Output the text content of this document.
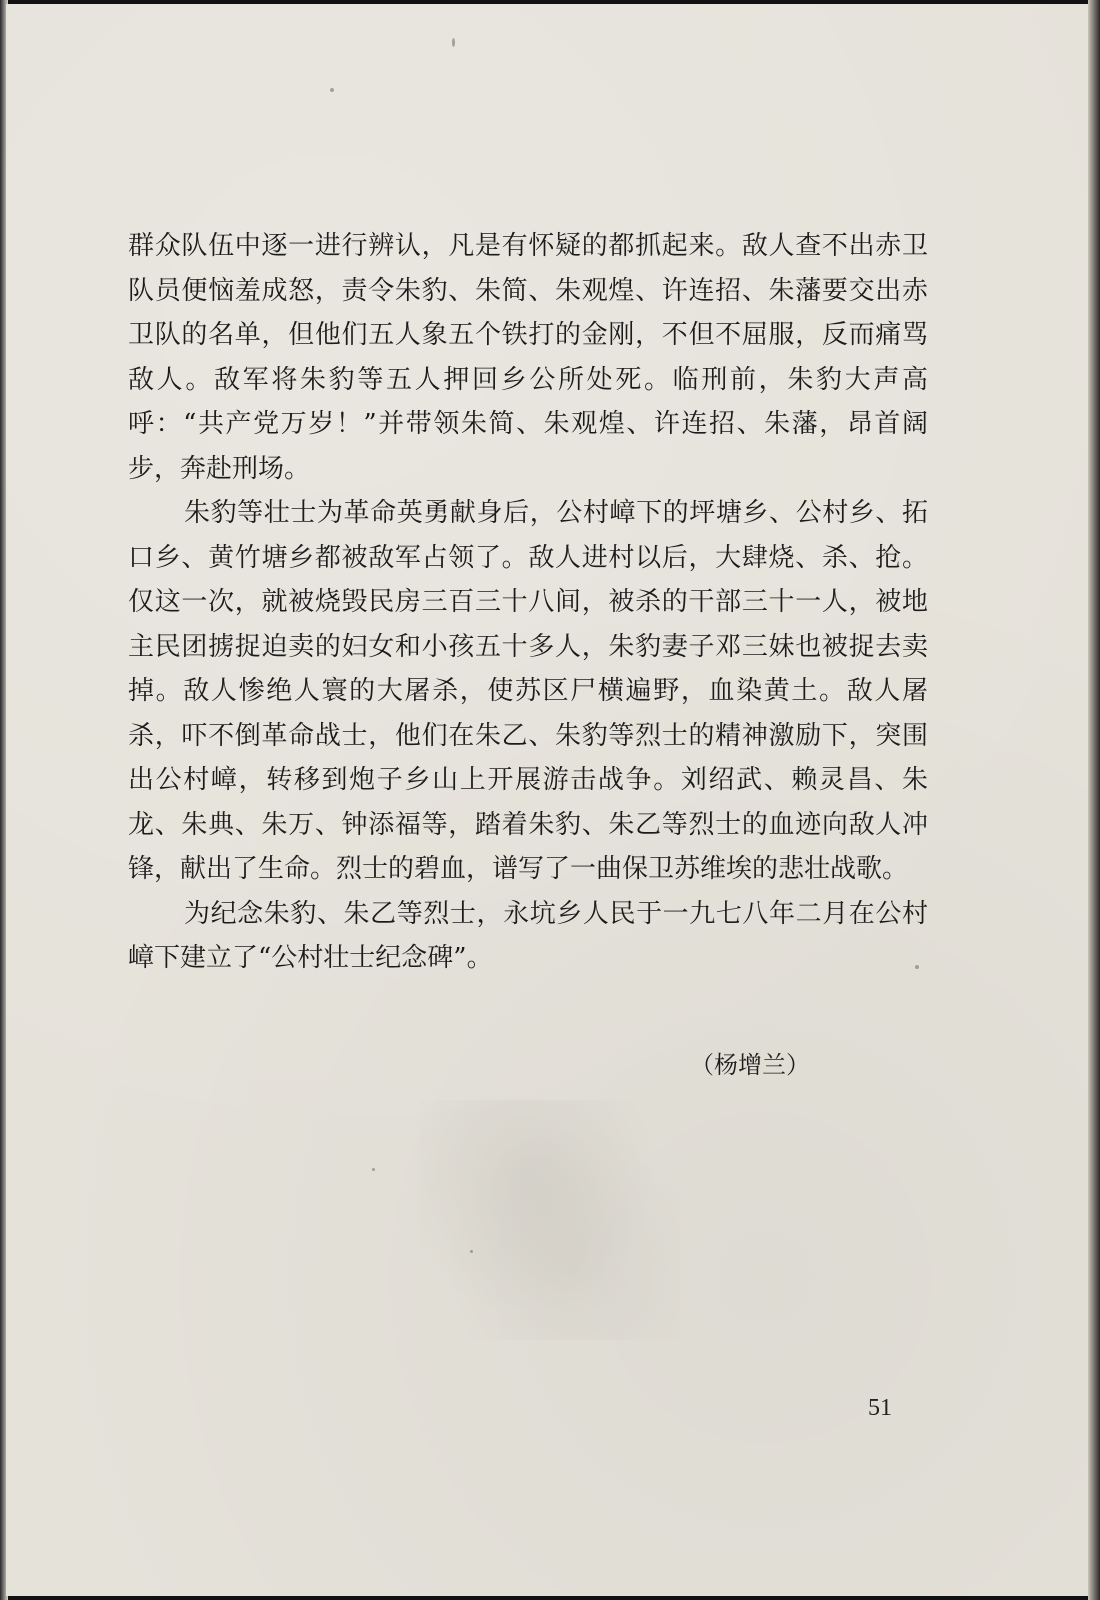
群众队伍中逐一进行辨认，凡是有怀疑的都抓起来。敌人查不出赤卫队员便恼羞成怒，责令朱豹、朱简、朱观煌、许连招、朱藩要交出赤卫队的名单，但他们五人象五个铁打的金刚，不但不屈服，反而痛骂敌人。敌军将朱豹等五人押回乡公所处死。临刑前，朱豹大声高呼：“共产党万岁！”并带领朱简、朱观煌、许连招、朱藩，昂首阔步，奔赴刑场。

朱豹等壮士为革命英勇献身后，公村嶂下的坪塘乡、公村乡、拓口乡、黄竹塘乡都被敌军占领了。敌人进村以后，大肆烧、杀、抢。仅这一次，就被烧毁民房三百三十八间，被杀的干部三十一人，被地主民团掳捉迫卖的妇女和小孩五十多人，朱豹妻子邓三妹也被捉去卖掉。敌人惨绝人寰的大屠杀，使苏区尸横遍野，血染黄土。敌人屠杀，吓不倒革命战士，他们在朱乙、朱豹等烈士的精神激励下，突围出公村嶂，转移到炮子乡山上开展游击战争。刘绍武、赖灵昌、朱龙、朱典、朱万、钟添福等，踏着朱豹、朱乙等烈士的血迹向敌人冲锋，献出了生命。烈士的碧血，谱写了一曲保卫苏维埃的悲壮战歌。

为纪念朱豹、朱乙等烈士，永坑乡人民于一九七八年二月在公村嶂下建立了“公村壮士纪念碑”。

（杨增兰）
51
